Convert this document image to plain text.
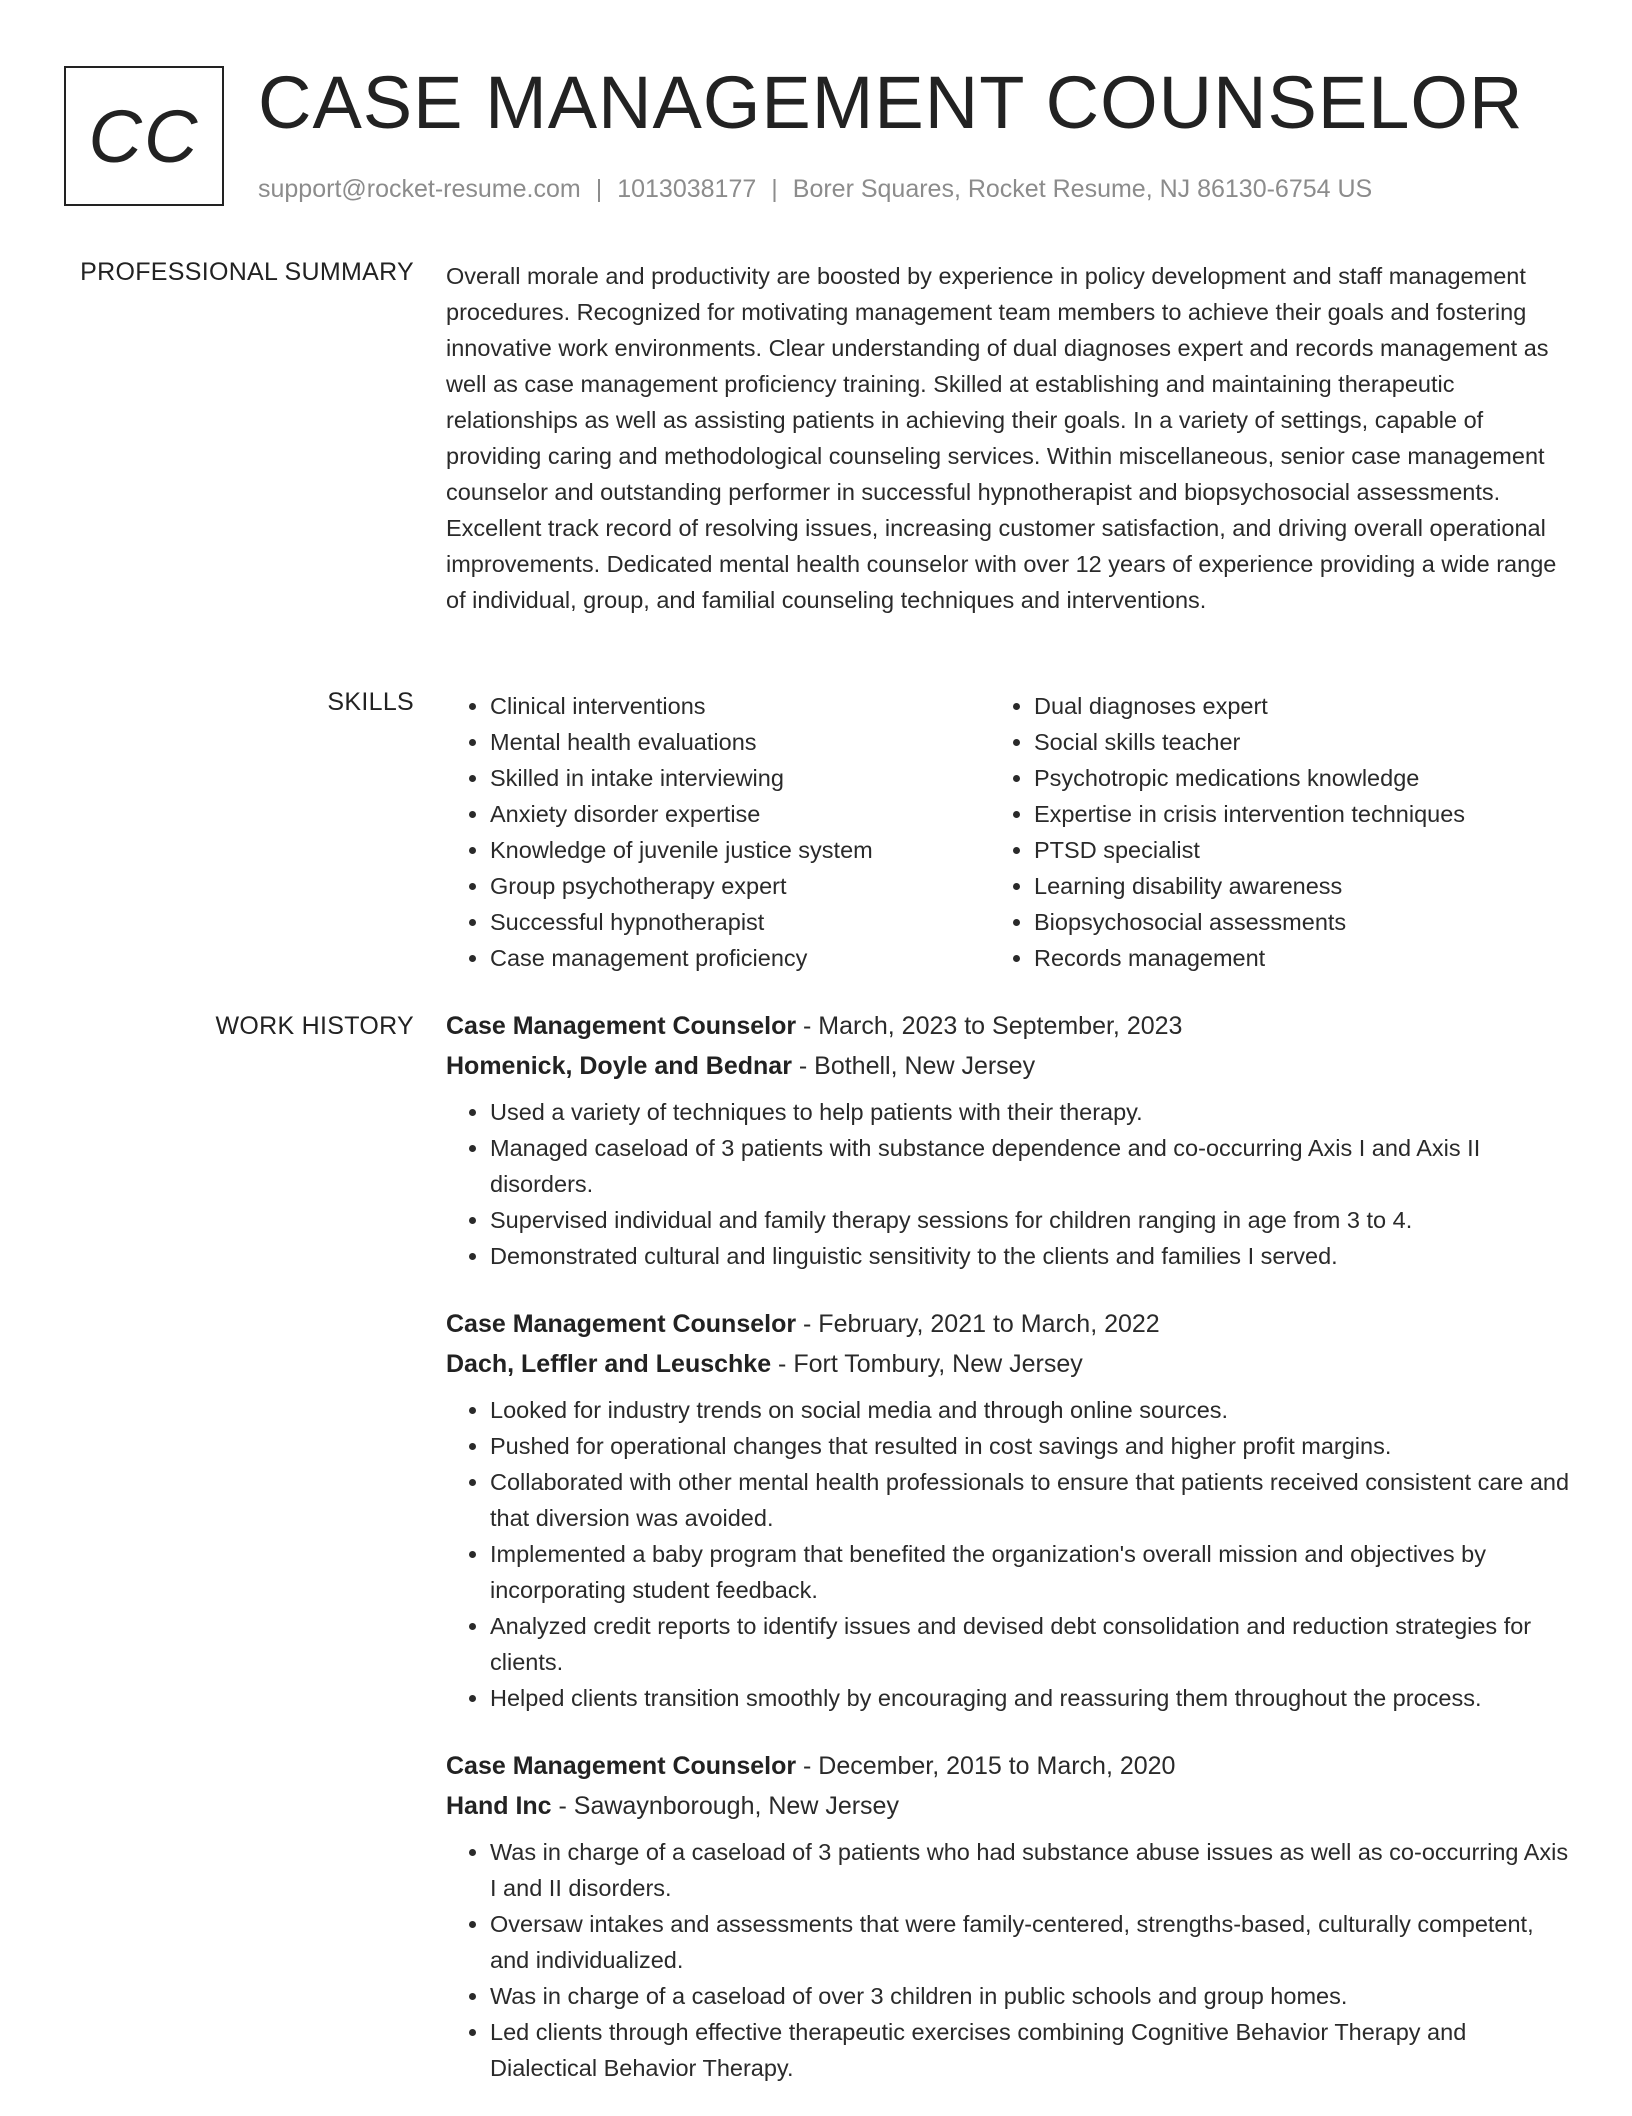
CC CASE MANAGEMENT COUNSELOR
support@rocket-resume.com | 1013038177 | Borer Squares, Rocket Resume, NJ 86130-6754 US
PROFESSIONAL SUMMARY Overall morale and productivity are boosted by experience in policy development and staff management procedures. Recognized for motivating management team members to achieve their goals and fostering innovative work environments. Clear understanding of dual diagnoses expert and records management as well as case management proficiency training. Skilled at establishing and maintaining therapeutic relationships as well as assisting patients in achieving their goals. In a variety of settings, capable of providing caring and methodological counseling services. Within miscellaneous, senior case management counselor and outstanding performer in successful hypnotherapist and biopsychosocial assessments. Excellent track record of resolving issues, increasing customer satisfaction, and driving overall operational improvements. Dedicated mental health counselor with over 12 years of experience providing a wide range of individual, group, and familial counseling techniques and interventions.

SKILLS
•	Clinical interventions
• Mental health evaluations
• Skilled in intake interviewing
• Anxiety disorder expertise
• Knowledge of juvenile justice system
• Group psychotherapy expert
• Successful hypnotherapist
• Case management proficiency
• Dual diagnoses expert
• Social skills teacher
• Psychotropic medications knowledge
• Expertise in crisis intervention techniques
• PTSD specialist
• Learning disability awareness
• Biopsychosocial assessments
• Records management
WORK HISTORY Case Management Counselor - March, 2023 to September, 2023
Homenick, Doyle and Bednar - Bothell, New Jersey
• Used a variety of techniques to help patients with their therapy.
• Managed caseload of 3 patients with substance dependence and co-occurring Axis I and Axis II disorders.
• Supervised individual and family therapy sessions for children ranging in age from 3 to 4.
• Demonstrated cultural and linguistic sensitivity to the clients and families I served.
Case Management Counselor - February, 2021 to March, 2022
Dach, Leffler and Leuschke - Fort Tombury, New Jersey
• Looked for industry trends on social media and through online sources.
• Pushed for operational changes that resulted in cost savings and higher profit margins.
• Collaborated with other mental health professionals to ensure that patients received consistent care and that diversion was avoided.
• Implemented a baby program that benefited the organization's overall mission and objectives by incorporating student feedback.
• Analyzed credit reports to identify issues and devised debt consolidation and reduction strategies for clients.
• Helped clients transition smoothly by encouraging and reassuring them throughout the process.
Case Management Counselor - December, 2015 to March, 2020
Hand Inc - Sawaynborough, New Jersey
• Was in charge of a caseload of 3 patients who had substance abuse issues as well as co-occurring Axis I and II disorders.
• Oversaw intakes and assessments that were family-centered, strengths-based, culturally competent, and individualized.
• Was in charge of a caseload of over 3 children in public schools and group homes.
• Led clients through effective therapeutic exercises combining Cognitive Behavior Therapy and Dialectical Behavior Therapy.
